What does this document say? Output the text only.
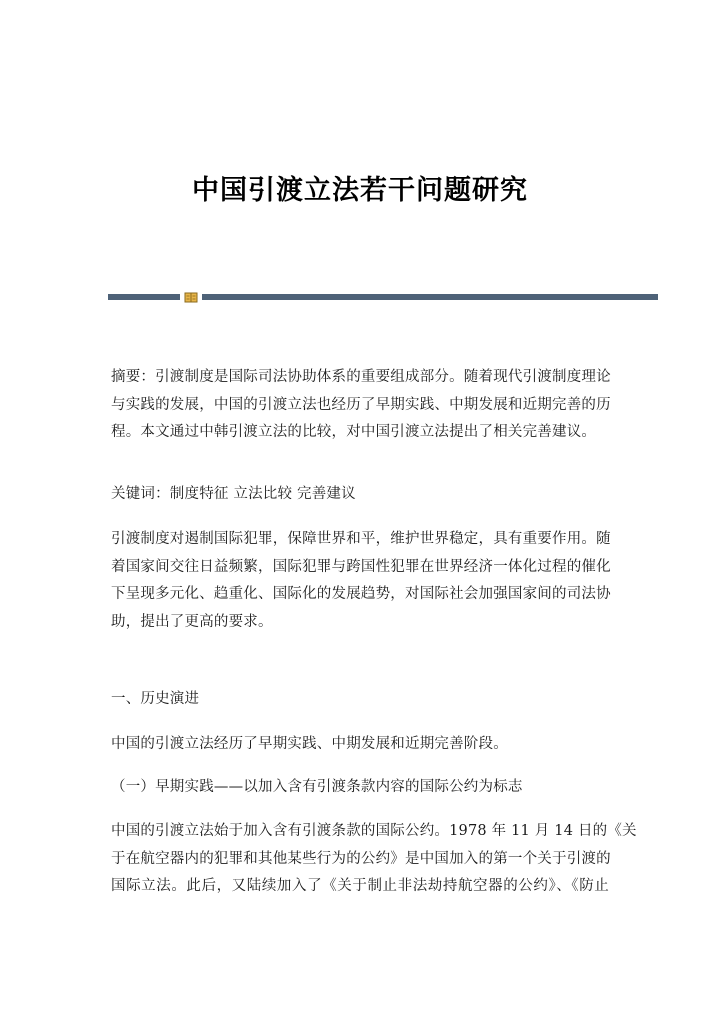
中国引渡立法若干问题研究
摘要：引渡制度是国际司法协助体系的重要组成部分。随着现代引渡制度理论
与实践的发展，中国的引渡立法也经历了早期实践、中期发展和近期完善的历
程。本文通过中韩引渡立法的比较，对中国引渡立法提出了相关完善建议。
关键词：制度特征 立法比较 完善建议
引渡制度对遏制国际犯罪，保障世界和平，维护世界稳定，具有重要作用。随
着国家间交往日益频繁，国际犯罪与跨国性犯罪在世界经济一体化过程的催化
下呈现多元化、趋重化、国际化的发展趋势，对国际社会加强国家间的司法协
助，提出了更高的要求。
一、历史演进
中国的引渡立法经历了早期实践、中期发展和近期完善阶段。
（一）早期实践——以加入含有引渡条款内容的国际公约为标志
中国的引渡立法始于加入含有引渡条款的国际公约。1978 年 11 月 14 日的《关
于在航空器内的犯罪和其他某些行为的公约》是中国加入的第一个关于引渡的
国际立法。此后，又陆续加入了《关于制止非法劫持航空器的公约》、《防止
